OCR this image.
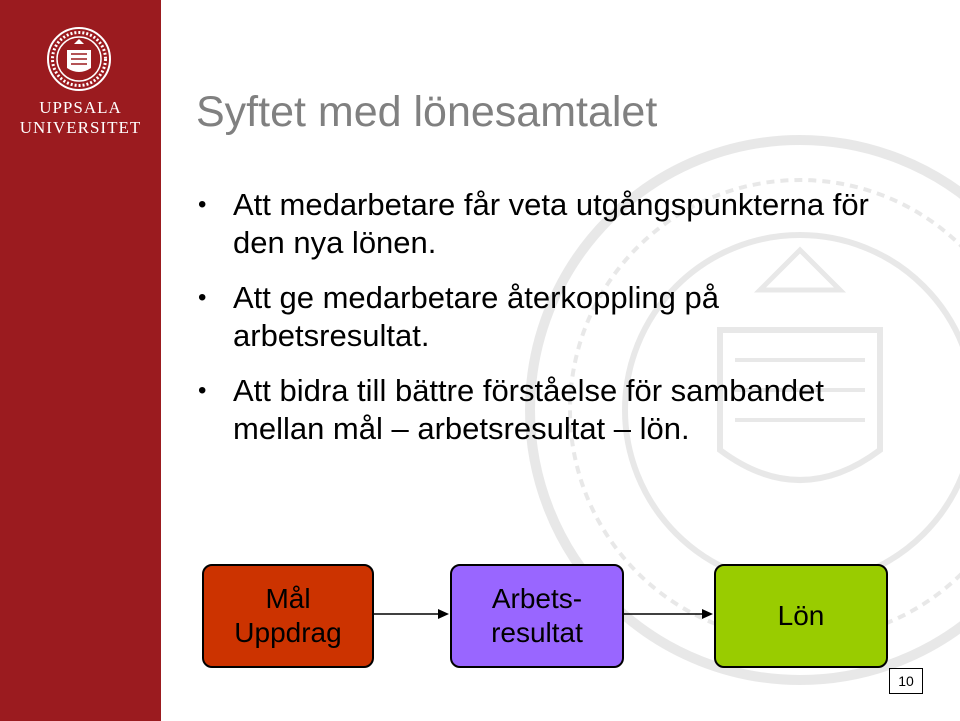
UPPSALA
UNIVERSITET	Syftet med lönesamtalet
• Att medarbetare får veta utgångspunkterna för den nya lönen.
• Att ge medarbetare återkoppling på arbetsresultat.
• Att bidra till bättre förståelse för sambandet mellan mål – arbetsresultat – lön.
Mål
Uppdrag
Arbets-
resultat
Lön
10
